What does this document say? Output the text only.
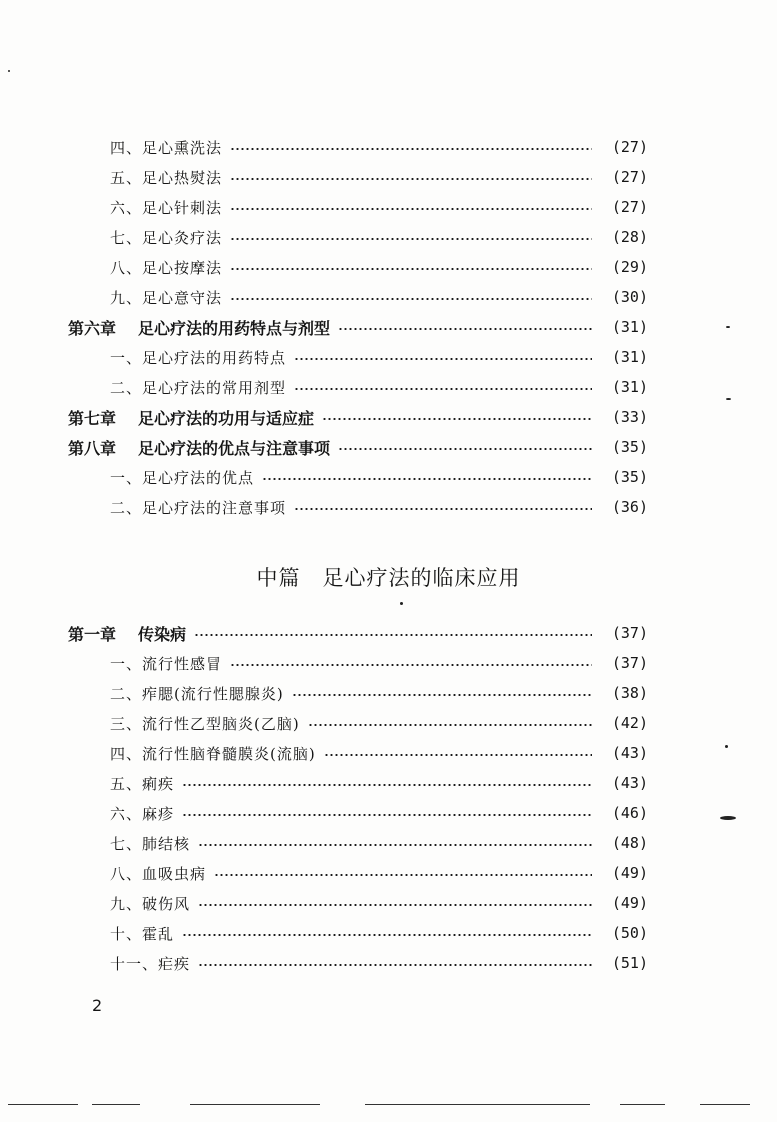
四、足心熏洗法	(27)
五、足心热熨法	(27)
六、足心针刺法	(27)
七、足心灸疗法	(28)
八、足心按摩法	(29)
九、足心意守法	(30)
第六章 足心疗法的用药特点与剂型	(31)
一、足心疗法的用药特点	(31)
二、足心疗法的常用剂型	(31)
第七章 足心疗法的功用与适应症	(33)
第八章 足心疗法的优点与注意事项	(35)
一、足心疗法的优点	(35)
二、足心疗法的注意事项	(36)
中篇 足心疗法的临床应用
第一章 传染病	(37)
一、流行性感冒	(37)
二、痄腮(流行性腮腺炎)	(38)
三、流行性乙型脑炎(乙脑)	(42)
四、流行性脑脊髓膜炎(流脑)	(43)
五、痢疾	(43)
六、麻疹	(46)
七、肺结核	(48)
八、血吸虫病	(49)
九、破伤风	(49)
十、霍乱	(50)
十一、疟疾	(51)
2
